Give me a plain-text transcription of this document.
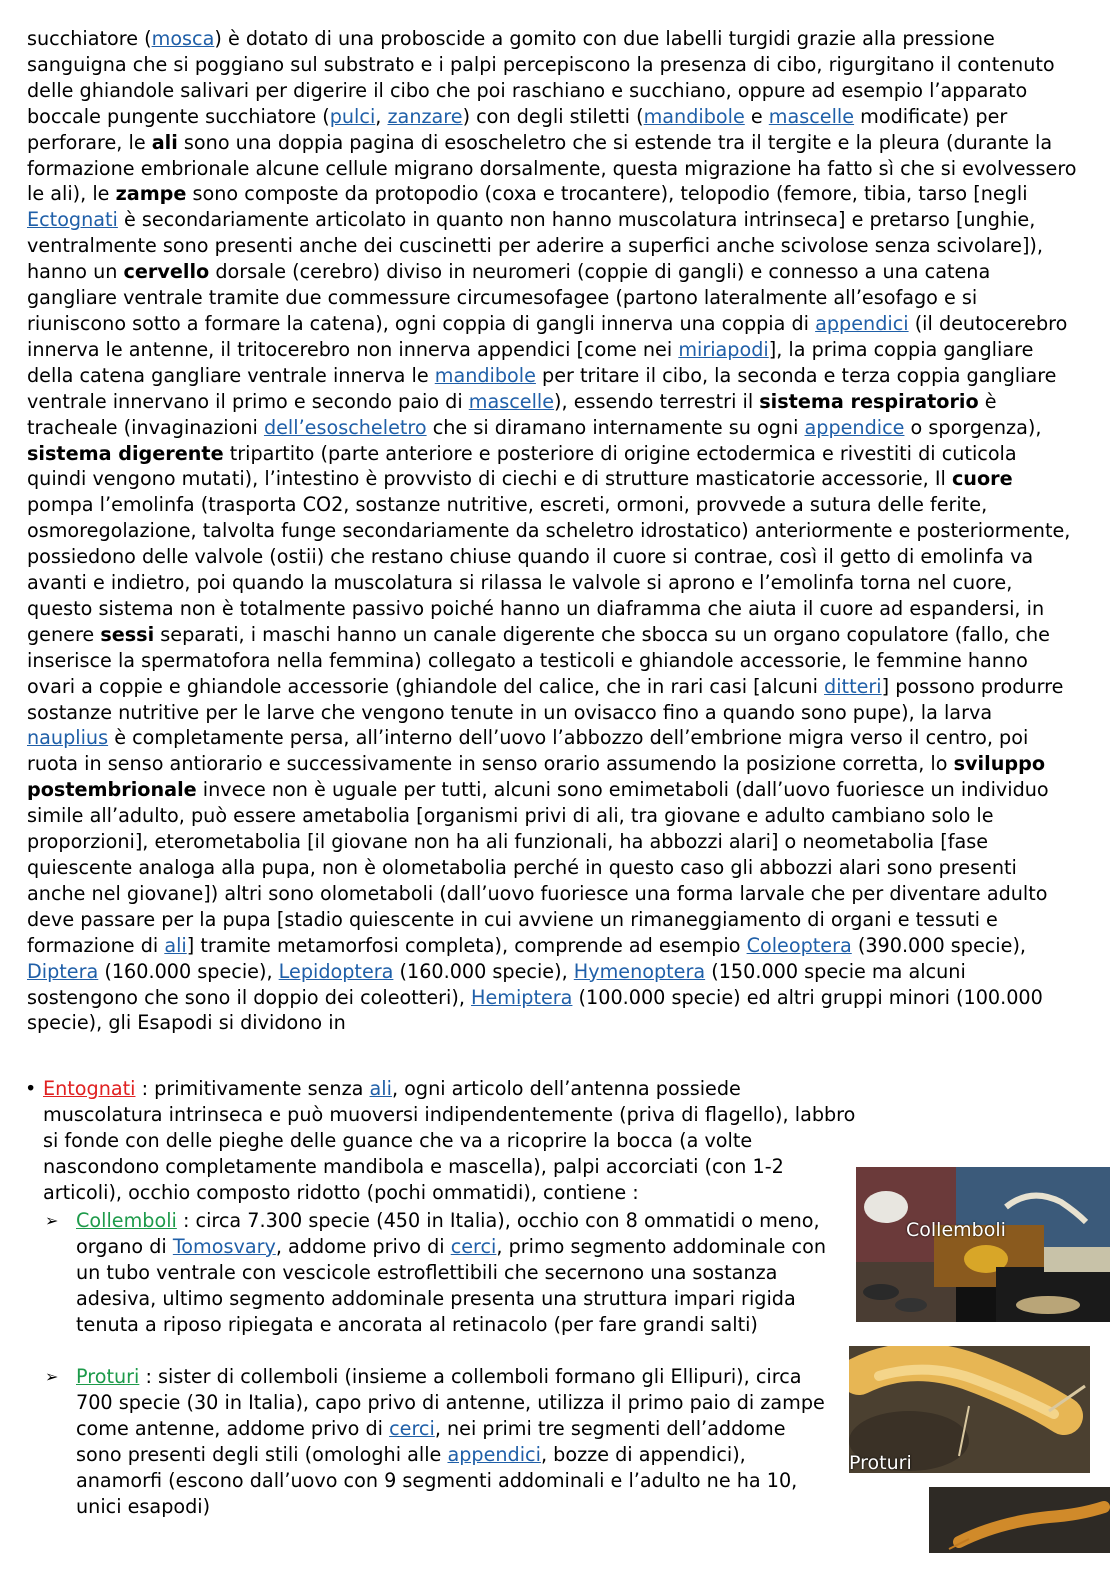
succhiatore (mosca) è dotato di una proboscide a gomito con due labelli turgidi grazie alla pressione sanguigna che si poggiano sul substrato e i palpi percepiscono la presenza di cibo, rigurgitano il contenuto delle ghiandole salivari per digerire il cibo che poi raschiano e succhiano, oppure ad esempio l’apparato boccale pungente succhiatore (pulci, zanzare) con degli stiletti (mandibole e mascelle modificate) per perforare, le ali sono una doppia pagina di esoscheletro che si estende tra il tergite e la pleura (durante la formazione embrionale alcune cellule migrano dorsalmente, questa migrazione ha fatto sì che si evolvessero le ali), le zampe sono composte da protopodio (coxa e trocantere), telopodio (femore, tibia, tarso [negli Ectognati è secondariamente articolato in quanto non hanno muscolatura intrinseca] e pretarso [unghie, ventralmente sono presenti anche dei cuscinetti per aderire a superfici anche scivolose senza scivolare]), hanno un cervello dorsale (cerebro) diviso in neuromeri (coppie di gangli) e connesso a una catena gangliare ventrale tramite due commessure circumesofagee (partono lateralmente all’esofago e si riuniscono sotto a formare la catena), ogni coppia di gangli innerva una coppia di appendici (il deutocerebro innerva le antenne, il tritocerebro non innerva appendici [come nei miriapodi], la prima coppia gangliare della catena gangliare ventrale innerva le mandibole per tritare il cibo, la seconda e terza coppia gangliare ventrale innervano il primo e secondo paio di mascelle), essendo terrestri il sistema respiratorio è tracheale (invaginazioni dell’esoscheletro che si diramano internamente su ogni appendice o sporgenza), sistema digerente tripartito (parte anteriore e posteriore di origine ectodermica e rivestiti di cuticola quindi vengono mutati), l’intestino è provvisto di ciechi e di strutture masticatorie accessorie, Il cuore pompa l’emolinfa (trasporta CO2, sostanze nutritive, escreti, ormoni, provvede a sutura delle ferite, osmoregolazione, talvolta funge secondariamente da scheletro idrostatico) anteriormente e posteriormente, possiedono delle valvole (ostii) che restano chiuse quando il cuore si contrae, così il getto di emolinfa va avanti e indietro, poi quando la muscolatura si rilassa le valvole si aprono e l’emolinfa torna nel cuore, questo sistema non è totalmente passivo poiché hanno un diaframma che aiuta il cuore ad espandersi, in genere sessi separati, i maschi hanno un canale digerente che sbocca su un organo copulatore (fallo, che inserisce la spermatofora nella femmina) collegato a testicoli e ghiandole accessorie, le femmine hanno ovari a coppie e ghiandole accessorie (ghiandole del calice, che in rari casi [alcuni ditteri] possono produrre sostanze nutritive per le larve che vengono tenute in un ovisacco fino a quando sono pupe), la larva nauplius è completamente persa, all’interno dell’uovo l’abbozzo dell’embrione migra verso il centro, poi ruota in senso antiorario e successivamente in senso orario assumendo la posizione corretta, lo sviluppo postembrionale invece non è uguale per tutti, alcuni sono emimetaboli (dall’uovo fuoriesce un individuo simile all’adulto, può essere ametabolia [organismi privi di ali, tra giovane e adulto cambiano solo le proporzioni], eterometabolia [il giovane non ha ali funzionali, ha abbozzi alari] o neometabolia [fase quiescente analoga alla pupa, non è olometabolia perché in questo caso gli abbozzi alari sono presenti anche nel giovane]) altri sono olometaboli (dall’uovo fuoriesce una forma larvale che per diventare adulto deve passare per la pupa [stadio quiescente in cui avviene un rimaneggiamento di organi e tessuti e formazione di ali] tramite metamorfosi completa), comprende ad esempio Coleoptera (390.000 specie), Diptera (160.000 specie), Lepidoptera (160.000 specie), Hymenoptera (150.000 specie ma alcuni sostengono che sono il doppio dei coleotteri), Hemiptera (100.000 specie) ed altri gruppi minori (100.000 specie), gli Esapodi si dividono in

• Entognati : primitivamente senza ali, ogni articolo dell’antenna possiede muscolatura intrinseca e può muoversi indipendentemente (priva di flagello), labbro si fonde con delle pieghe delle guance che va a ricoprire la bocca (a volte nascondono completamente mandibola e mascella), palpi accorciati (con 1-2 articoli), occhio composto ridotto (pochi ommatidi), contiene :
➢ Collemboli : circa 7.300 specie (450 in Italia), occhio con 8 ommatidi o meno, organo di Tomosvary, addome privo di cerci, primo segmento addominale con un tubo ventrale con vescicole estroflettibili che secernono una sostanza adesiva, ultimo segmento addominale presenta una struttura impari rigida tenuta a riposo ripiegata e ancorata al retinacolo (per fare grandi salti)
➢ Proturi : sister di collemboli (insieme a collemboli formano gli Ellipuri), circa 700 specie (30 in Italia), capo privo di antenne, utilizza il primo paio di zampe come antenne, addome privo di cerci, nei primi tre segmenti dell’addome sono presenti degli stili (omologhi alle appendici, bozze di appendici), anamorfi (escono dall’uovo con 9 segmenti addominali e l’adulto ne ha 10, unici esapodi)
Collemboli
Proturi
